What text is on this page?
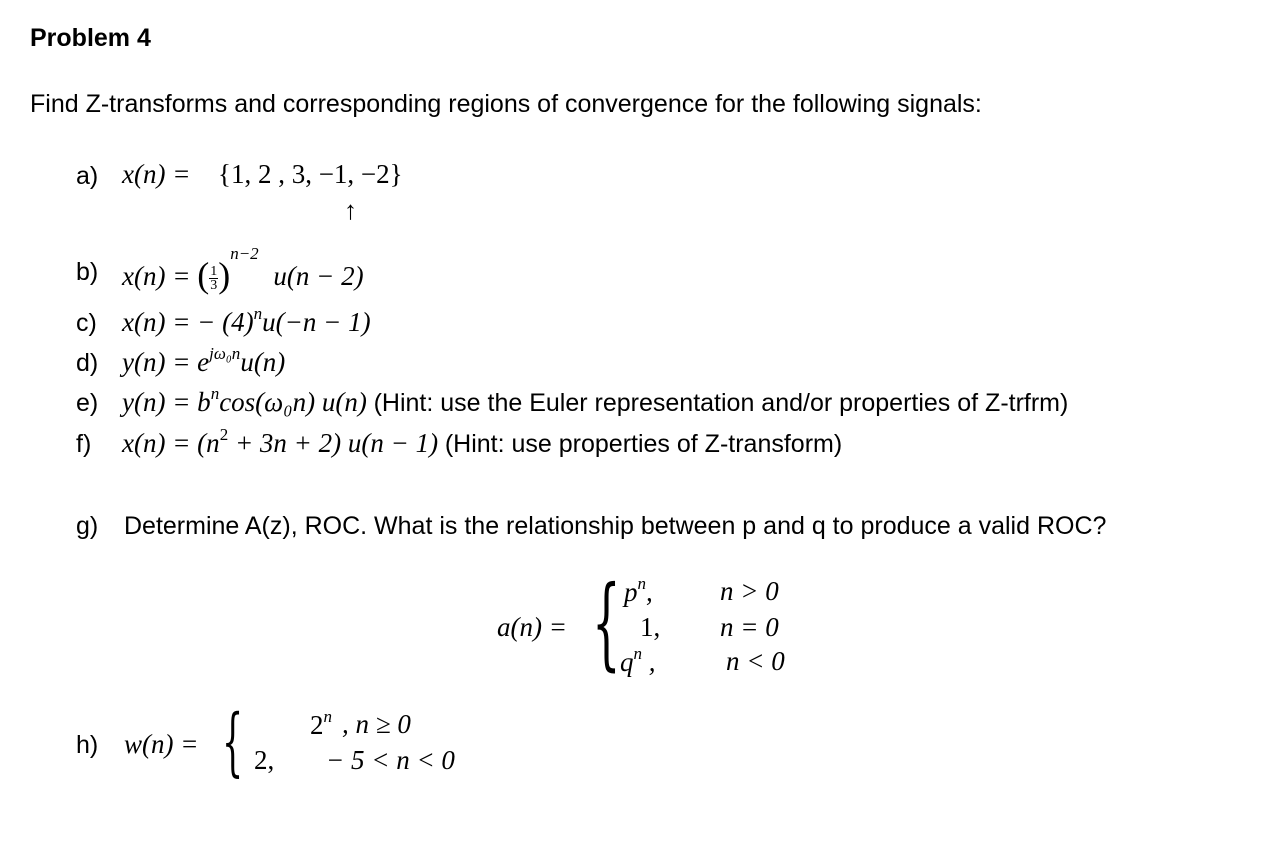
Problem 4
Find Z-transforms and corresponding regions of convergence for the following signals:
a) x(n) = {1, 2 , 3, −1, −2}
↑
b) x(n) = ( $\frac{1}{3} )^{n-2}$ u(n − 2)
c) x(n) = − $(4)^nu(-n - 1)$
d) $y(n) = e^{j\omega_0n}u(n)$
e) $y(n) = b^n\cos(\omega_0n)$ u(n) (Hint: use the Euler representation and/or properties of Z-trfrm)
f) $x(n) = (n^2 + 3n + 2) u(n - 1)$ (Hint: use properties of Z-transform)
g) Determine A(z), ROC. What is the relationship between p and q to produce a valid ROC?
a(n) = { $p^n$, n > 0
1, n = 0
$q^n$ ,	n < 0
h) w(n) = { 2$^n$ , n ≥ 0
2, − 5 < n < 0
